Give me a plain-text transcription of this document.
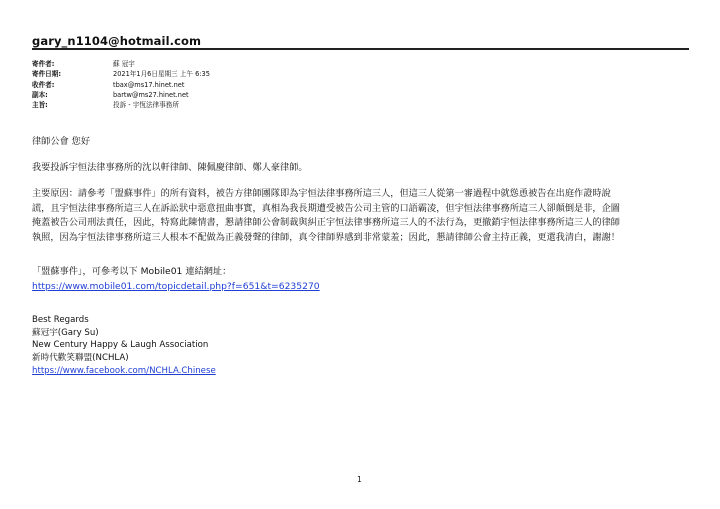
gary_n1104@hotmail.com
寄件者:	蘇 冠宇
寄件日期:	2021年1月6日星期三 上午 6:35
收件者:	tbax@ms17.hinet.net
副本:	bartw@ms27.hinet.net
主旨:	投訴 - 宇恆法律事務所
律師公會 您好
我要投訴宇恒法律事務所的沈以軒律師、陳佩慶律師、鄭人豪律師。
主要原因：請參考「盟蘇事件」的所有資料，被告方律師團隊即為宇恒法律事務所這三人，但這三人從第一審過程中就慫恿被告在出庭作證時說
謊，且宇恒法律事務所這三人在訴訟狀中惡意扭曲事實，真相為我長期遭受被告公司主管的口語霸凌，但宇恒法律事務所這三人卻顛倒是非，企圖
掩蓋被告公司刑法責任，因此，特寫此陳情書，懇請律師公會制裁與糾正宇恒法律事務所這三人的不法行為，更撤銷宇恒法律事務所這三人的律師
執照，因為宇恒法律事務所這三人根本不配做為正義發聲的律師，真令律師界感到非常蒙羞；因此，懇請律師公會主持正義，更還我清白，謝謝！
「盟蘇事件」，可參考以下 Mobile01 連結網址：
https://www.mobile01.com/topicdetail.php?f=651&t=6235270
Best Regards
蘇冠宇(Gary Su)
New Century Happy & Laugh Association
新時代歡笑聯盟(NCHLA)
https://www.facebook.com/NCHLA.Chinese
1
